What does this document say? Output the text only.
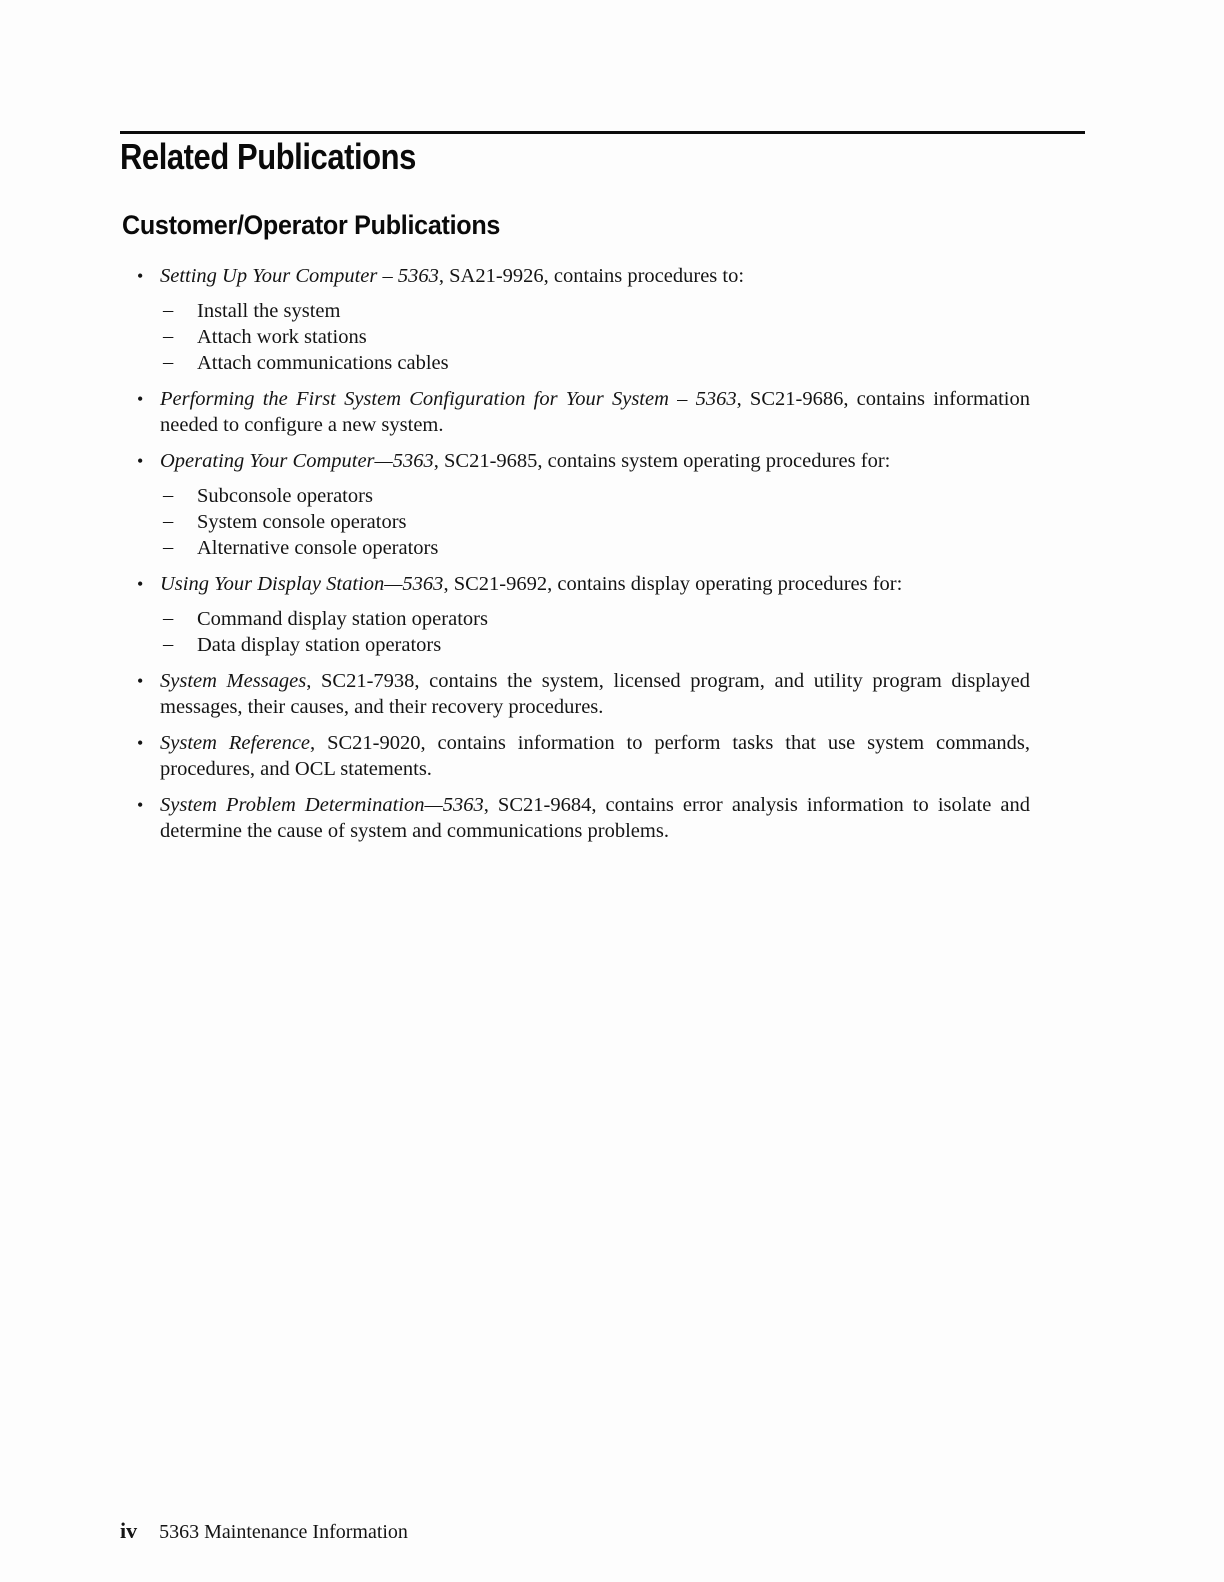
Related Publications
Customer/Operator Publications
• Setting Up Your Computer – 5363, SA21-9926, contains procedures to:
– Install the system
– Attach work stations
– Attach communications cables
• Performing the First System Configuration for Your System – 5363, SC21-9686, contains information needed to configure a new system.
• Operating Your Computer—5363, SC21-9685, contains system operating procedures for:
– Subconsole operators
– System console operators
– Alternative console operators
• Using Your Display Station—5363, SC21-9692, contains display operating procedures for:
– Command display station operators
– Data display station operators
• System Messages, SC21-7938, contains the system, licensed program, and utility program displayed messages, their causes, and their recovery procedures.
• System Reference, SC21-9020, contains information to perform tasks that use system commands, procedures, and OCL statements.
• System Problem Determination—5363, SC21-9684, contains error analysis information to isolate and determine the cause of system and communications problems.
iv 5363 Maintenance Information
